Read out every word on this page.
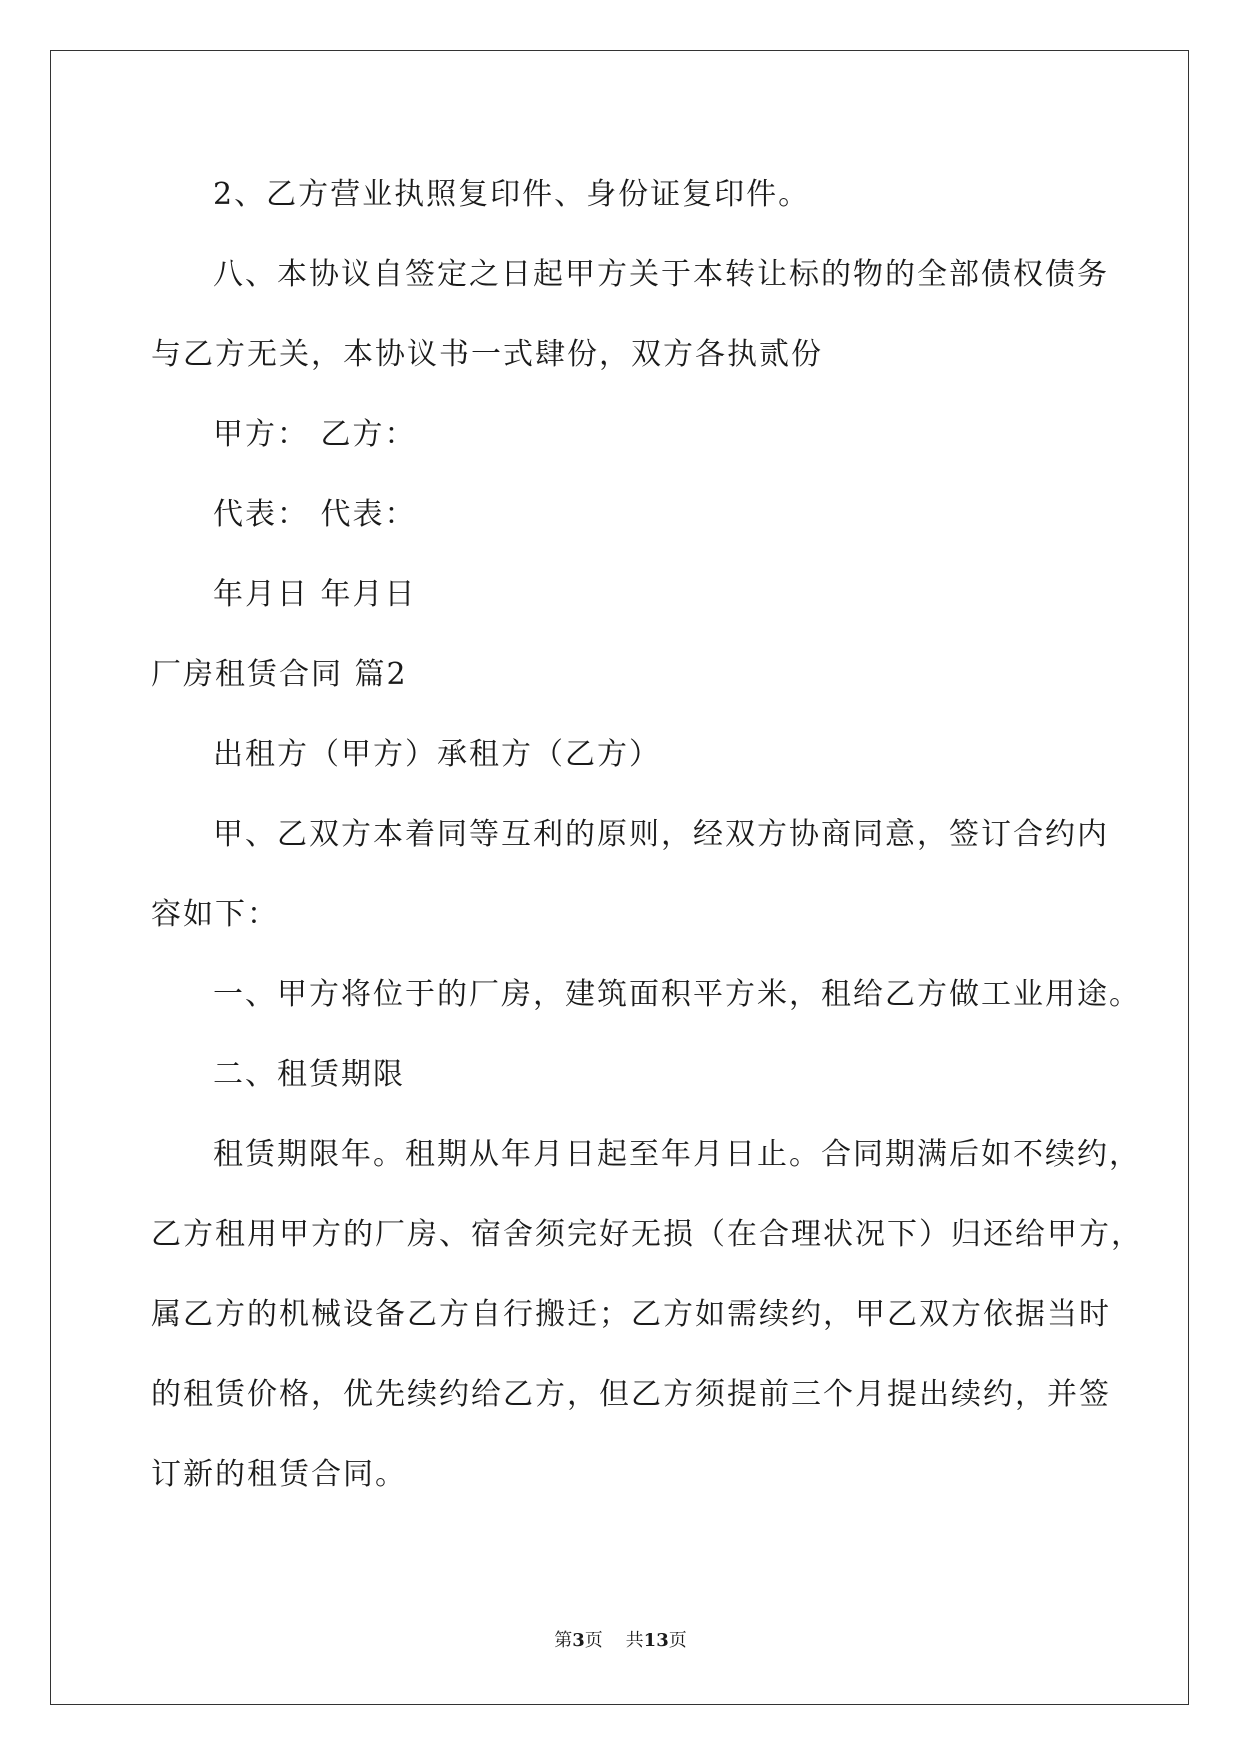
2、乙方营业执照复印件、身份证复印件。
八、本协议自签定之日起甲方关于本转让标的物的全部债权债务
与乙方无关，本协议书一式肆份，双方各执贰份
甲方： 乙方：
代表： 代表：
年月日 年月日
厂房租赁合同 篇2
出租方（甲方）承租方（乙方）
甲、乙双方本着同等互利的原则，经双方协商同意，签订合约内
容如下：
一、甲方将位于的厂房，建筑面积平方米，租给乙方做工业用途。
二、租赁期限
租赁期限年。租期从年月日起至年月日止。合同期满后如不续约，
乙方租用甲方的厂房、宿舍须完好无损（在合理状况下）归还给甲方，
属乙方的机械设备乙方自行搬迁；乙方如需续约，甲乙双方依据当时
的租赁价格，优先续约给乙方，但乙方须提前三个月提出续约，并签
订新的租赁合同。
第3页 共13页
